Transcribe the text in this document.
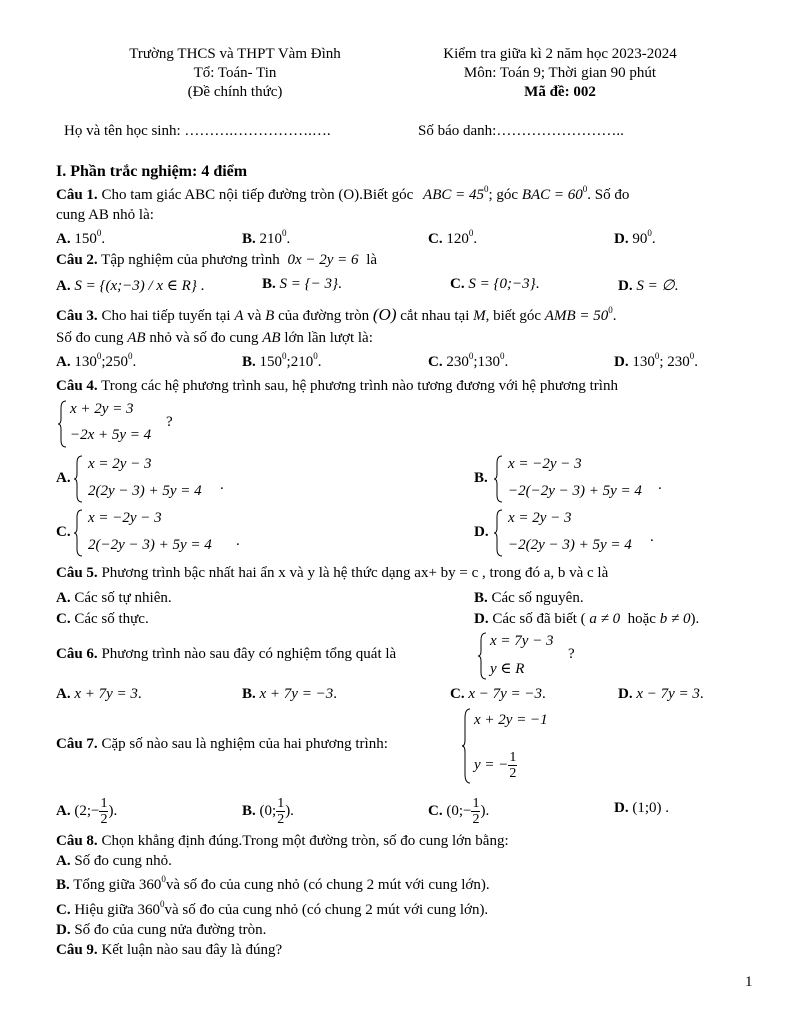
Trường THCS và THPT Vàm Đình
Tổ: Toán- Tin
(Đề chính thức)
Kiểm tra giữa kì 2 năm học 2023-2024
Môn: Toán 9; Thời gian 90 phút
Mã đề: 002
Họ và tên học sinh: ……….…………….….	Số báo danh:……………………..
I. Phần trắc nghiệm: 4 điểm
Câu 1. Cho tam giác ABC nội tiếp đường tròn (O).Biết góc ABC = $45^0$; góc BAC = $60^0$. Số đo
cung AB nhỏ là:
A. $150^0$.	B. $210^0$.	C. $120^0$.	D. $90^0$.
Câu 2. Tập nghiệm của phương trình 0x − 2y = 6 là
A. S = {(x;−3) / x ∈ R} .	B. S = {− 3}.	C. S = {0;−3}.	D. S = ∅.
Câu 3. Cho hai tiếp tuyến tại A và B của đường tròn (O) cắt nhau tại M, biết góc AMB = $50^0$.
Số đo cung AB nhỏ và số đo cung AB lớn lần lượt là:
A. $130^0;250^0$.	B. $150^0;210^0$.	C. $230^0;130^0$.	D. $130^0$; $230^0$.
Câu 4. Trong các hệ phương trình sau, hệ phương trình nào tương đương với hệ phương trình
x + 2y = 3
−2x + 5y = 4
?
A.
x = 2y − 3
2(2y − 3) + 5y = 4 .	B.
x = −2y − 3
−2(−2y − 3) + 5y = 4 .
C.
x = −2y − 3
2(−2y − 3) + 5y = 4 .
D.
x = 2y − 3
−2(2y − 3) + 5y = 4 .
Câu 5. Phương trình bậc nhất hai ẩn x và y là hệ thức dạng ax+ by = c , trong đó a, b và c là
A. Các số tự nhiên.	B. Các số nguyên.
C. Các số thực.	D. Các số đã biết ( a ≠ 0 hoặc b ≠ 0).
Câu 6. Phương trình nào sau đây có nghiệm tổng quát là
x = 7y − 3
y ∈ R
?
A. x + 7y = 3.	B. x + 7y = −3.	C. x − 7y = −3.	D. x − 7y = 3.
Câu 7. Cặp số nào sau là nghiệm của hai phương trình:
x + 2y = −1
y = − $\frac{1}{2}$
A. (2;− $\frac{1}{2}$ ).	B. (0; $\frac{1}{2}$ ).	C. (0;− $\frac{1}{2}$ ).	D. (1;0) .
Câu 8. Chọn khẳng định đúng.Trong một đường tròn, số đo cung lớn bằng:
A. Số đo cung nhỏ.
B. Tổng giữa $360^0và$ số đo của cung nhỏ (có chung 2 mút với cung lớn).
C. Hiệu giữa $360^0và$ số đo của cung nhỏ (có chung 2 mút với cung lớn).
D. Số đo của cung nửa đường tròn.
Câu 9. Kết luận nào sau đây là đúng?
1
